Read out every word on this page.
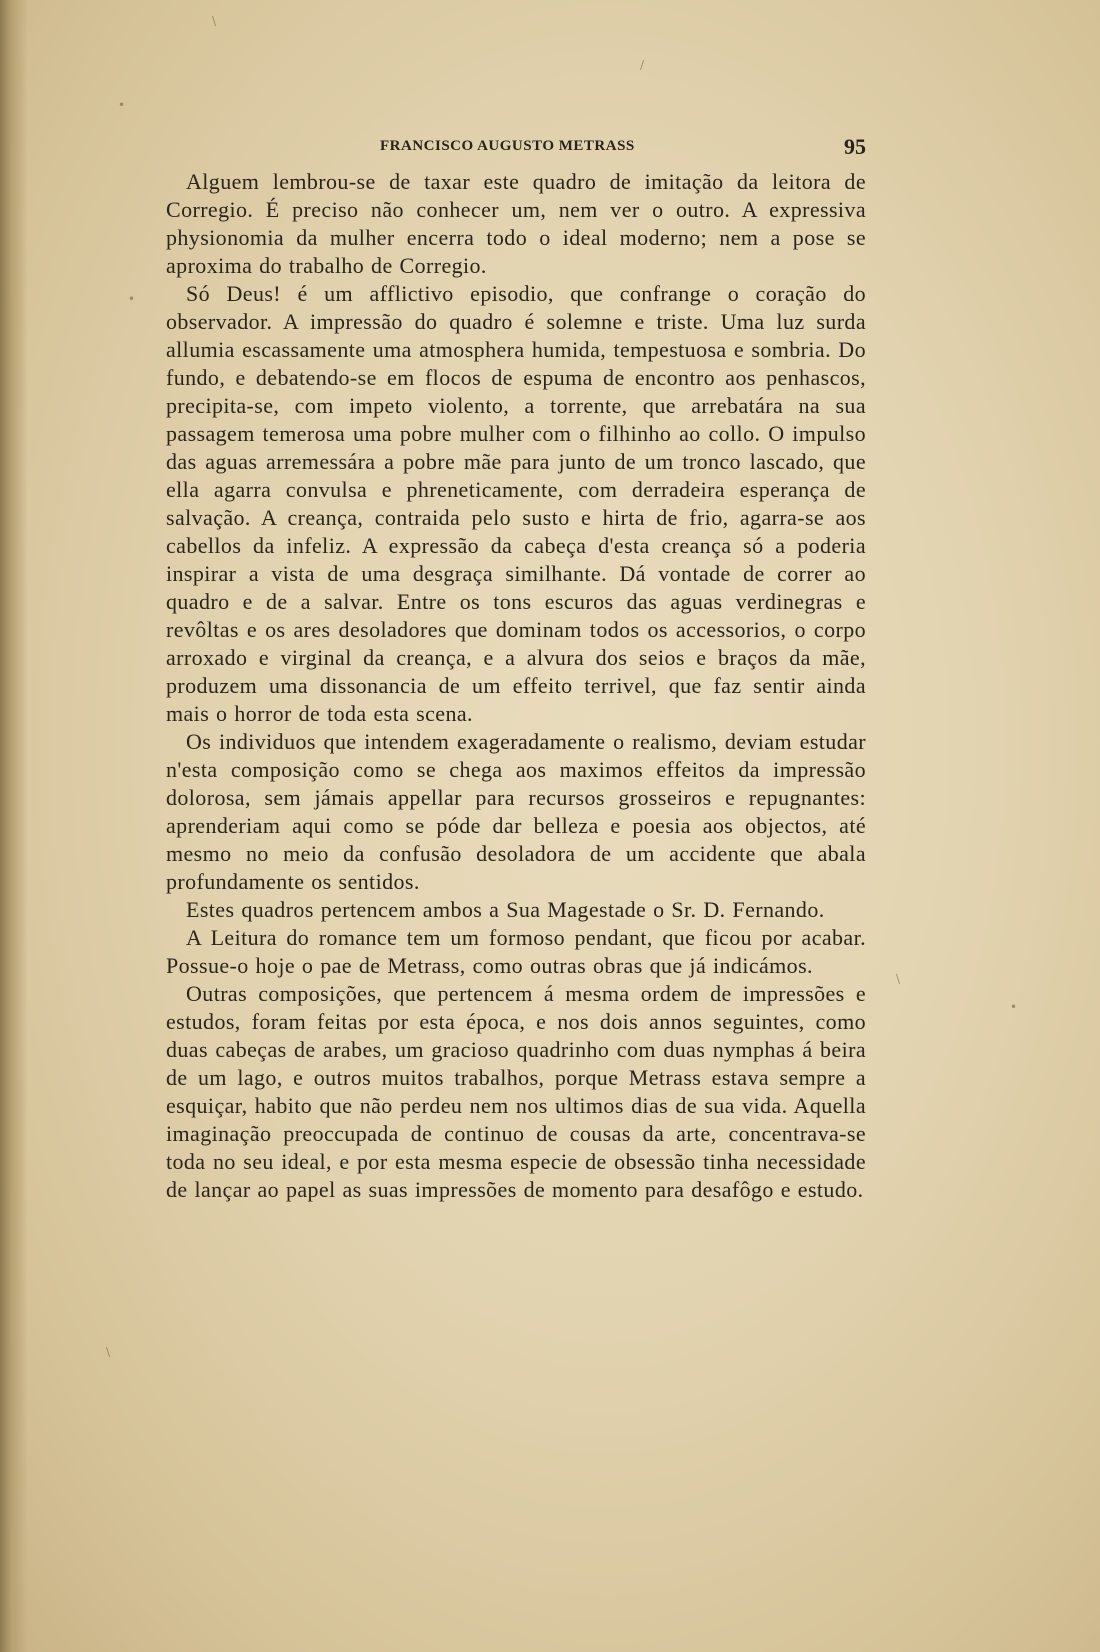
\
•
/
•
•
\
\
FRANCISCO AUGUSTO METRASS	95

Alguem lembrou-se de taxar este quadro de imitação da leitora de Corregio. É preciso não conhecer um, nem ver o outro. A expressiva physionomia da mulher encerra todo o ideal moderno; nem a pose se aproxima do trabalho de Corregio.

Só Deus! é um afflictivo episodio, que confrange o coração do observador. A impressão do quadro é solemne e triste. Uma luz surda allumia escassamente uma atmosphera humida, tempestuosa e sombria. Do fundo, e debatendo-se em flocos de espuma de encontro aos penhascos, precipita-se, com impeto violento, a torrente, que arrebatára na sua passagem temerosa uma pobre mulher com o filhinho ao collo. O impulso das aguas arremessára a pobre mãe para junto de um tronco lascado, que ella agarra convulsa e phreneticamente, com derradeira esperança de salvação. A creança, contraida pelo susto e hirta de frio, agarra-se aos cabellos da infeliz. A expressão da cabeça d'esta creança só a poderia inspirar a vista de uma desgraça similhante. Dá vontade de correr ao quadro e de a salvar. Entre os tons escuros das aguas verdinegras e revôltas e os ares desoladores que dominam todos os accessorios, o corpo arroxado e virginal da creança, e a alvura dos seios e braços da mãe, produzem uma dissonancia de um effeito terrivel, que faz sentir ainda mais o horror de toda esta scena.

Os individuos que intendem exageradamente o realismo, deviam estudar n'esta composição como se chega aos maximos effeitos da impressão dolorosa, sem jámais appellar para recursos grosseiros e repugnantes: aprenderiam aqui como se póde dar belleza e poesia aos objectos, até mesmo no meio da confusão desoladora de um accidente que abala profundamente os sentidos.

Estes quadros pertencem ambos a Sua Magestade o Sr. D. Fernando.

A Leitura do romance tem um formoso pendant, que ficou por acabar. Possue-o hoje o pae de Metrass, como outras obras que já indicámos.

Outras composições, que pertencem á mesma ordem de impressões e estudos, foram feitas por esta época, e nos dois annos seguintes, como duas cabeças de arabes, um gracioso quadrinho com duas nymphas á beira de um lago, e outros muitos trabalhos, porque Metrass estava sempre a esquiçar, habito que não perdeu nem nos ultimos dias de sua vida. Aquella imaginação preoccupada de continuo de cousas da arte, concentrava-se toda no seu ideal, e por esta mesma especie de obsessão tinha necessidade de lançar ao papel as suas impressões de momento para desafôgo e estudo.
